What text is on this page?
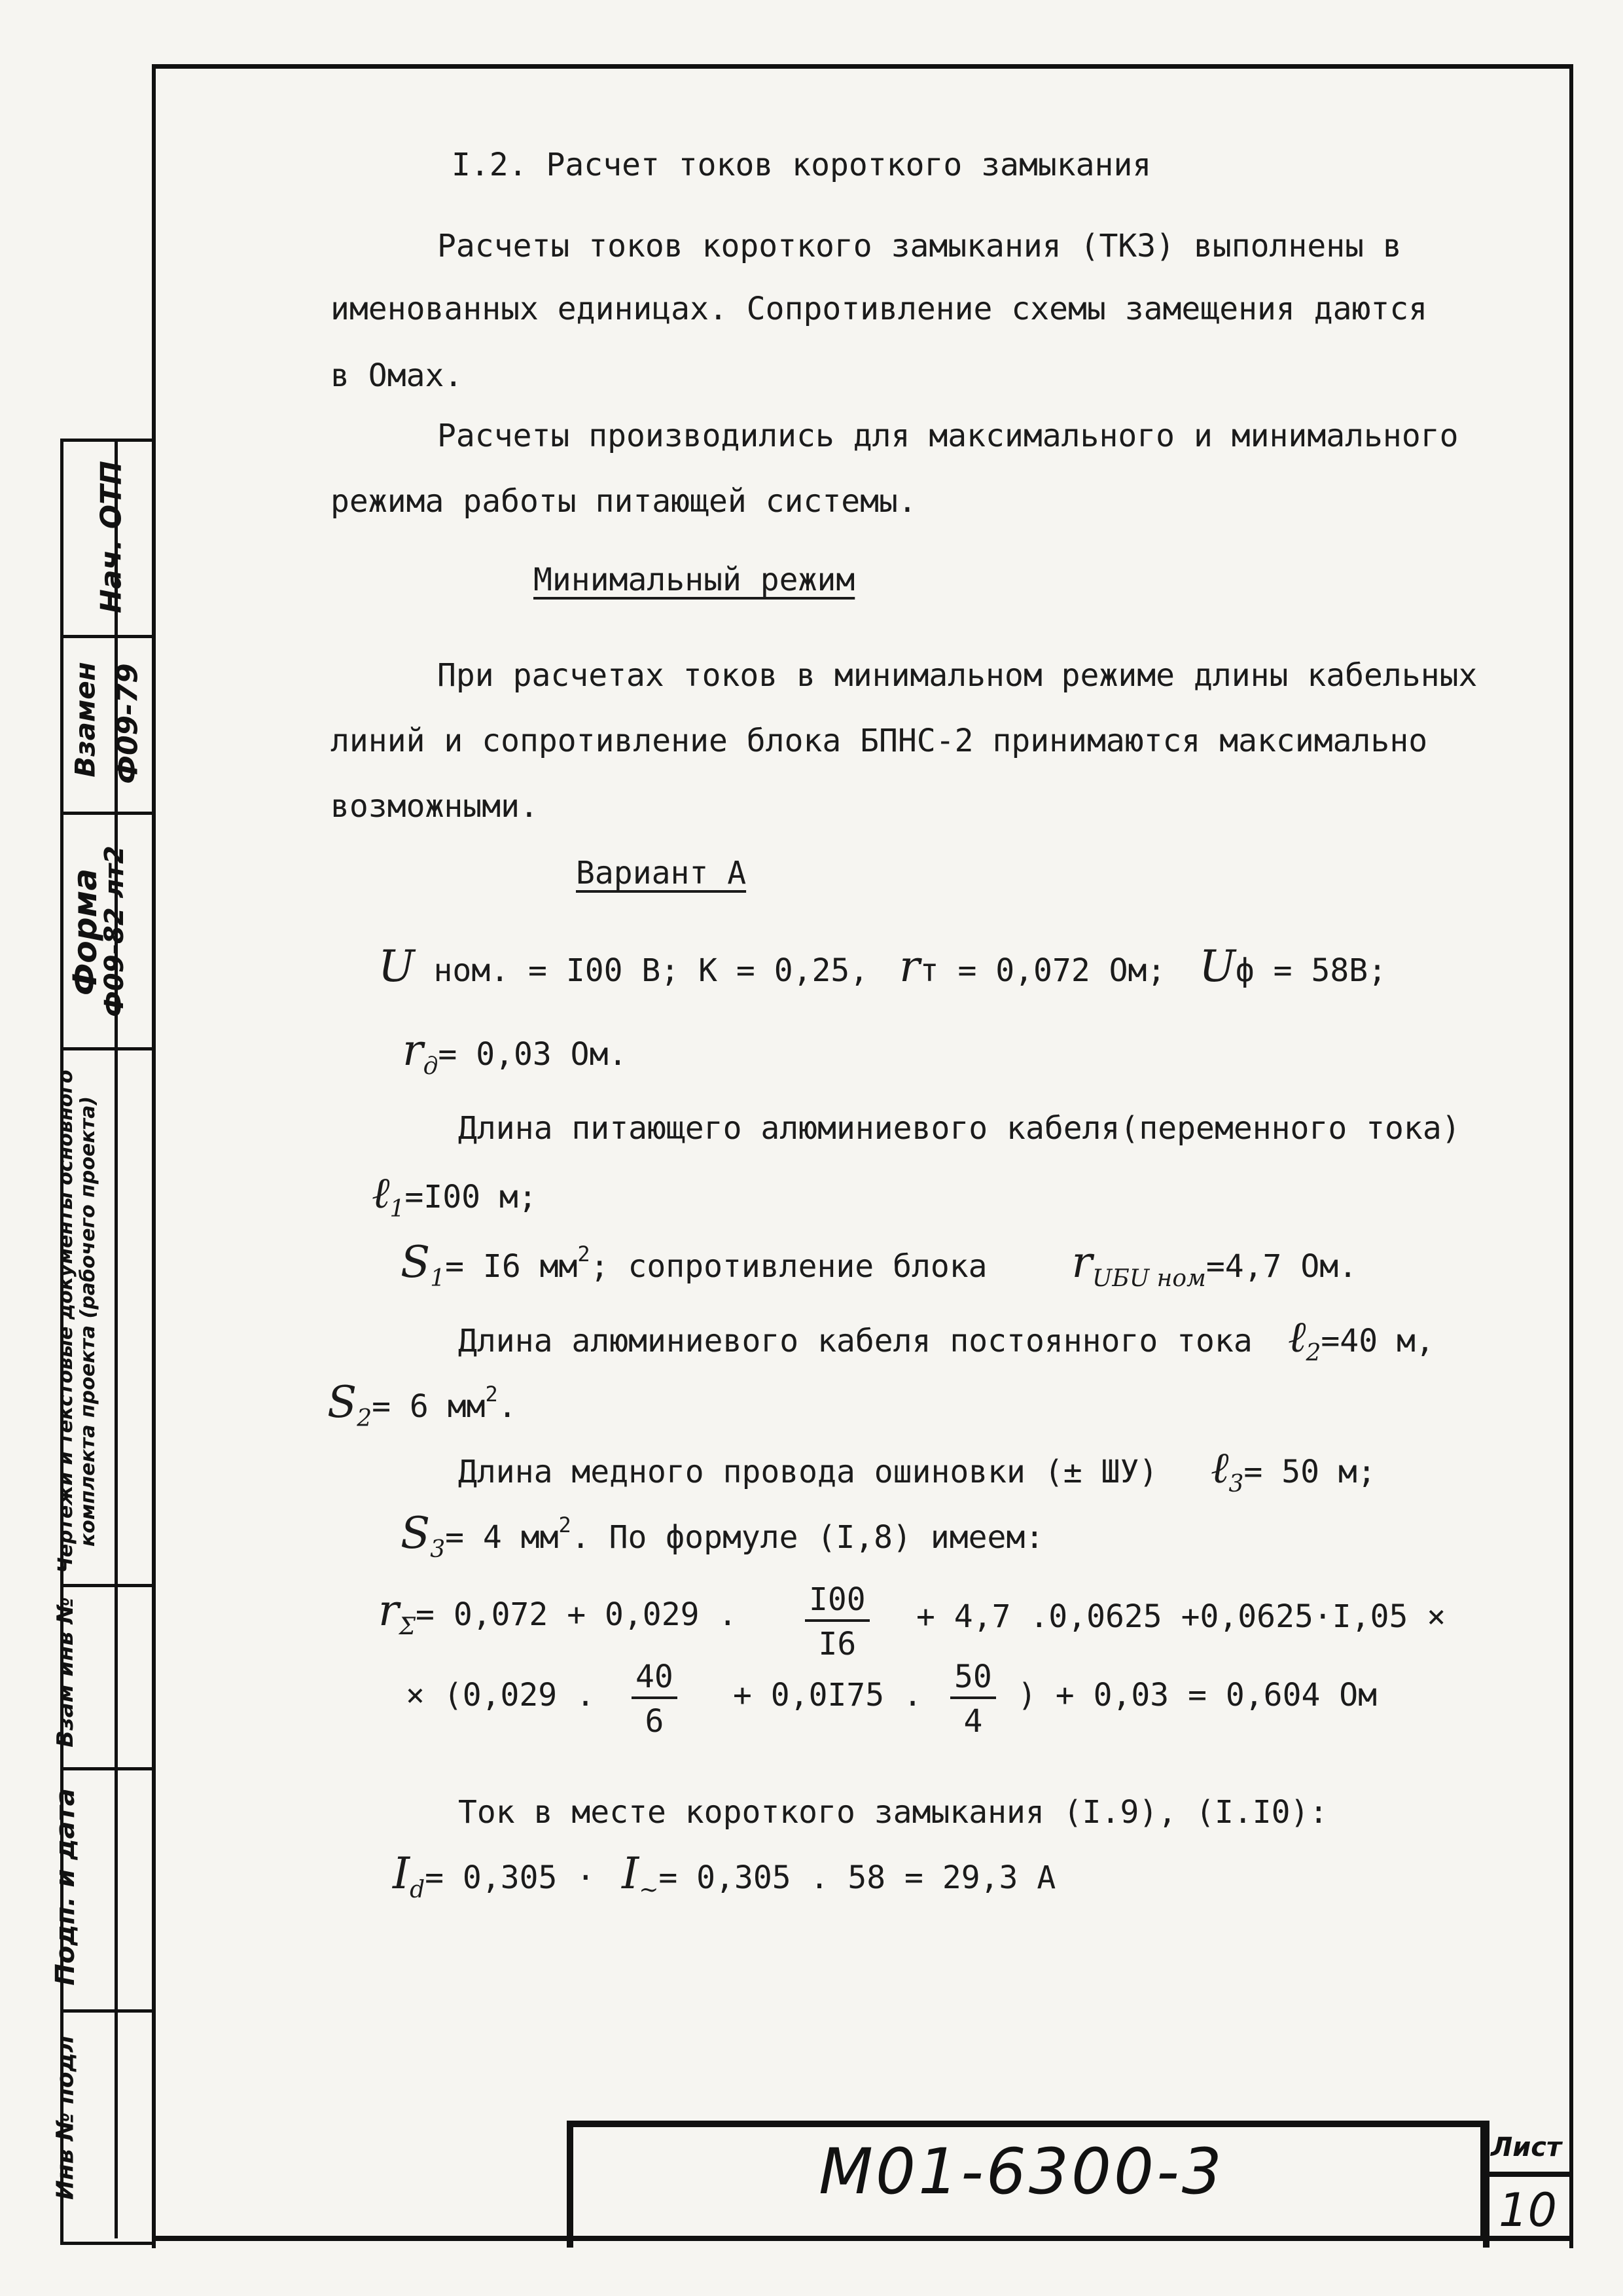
Нач. ОТП
Взамен Ф09-79
Форма
Ф09-82 лт2
Чертежи и текстовые документы основного комплекта проекта (рабочего проекта)
Взам инв №
Подп. и дата
Инв № подл
I.2. Расчет токов короткого замыкания
Расчеты токов короткого замыкания (ТКЗ) выполнены в
именованных единицах. Сопротивление схемы замещения даются
в Омах.
Расчеты производились для максимального и минимального
режима работы питающей системы.
Минимальный режим
При расчетах токов в минимальном режиме длины кабельных
линий и сопротивление блока БПНС-2 принимаются максимально
возможными.
Вариант А
U ном. = I00 В; К = 0,25, rт = 0,072 Ом; Uф = 58В;
$r_д= 0,03$ Ом.
Длина питающего алюминиевого кабеля(переменного тока)
ℓ$_1$=I00 м;
$S_1= I6$ $мм^2$; сопротивление блока $r_{UБU ном}=4,7$ Ом.
Длина алюминиевого кабеля постоянного тока ℓ$_2$=40 м,
$S_2= 6$ $мм^2$.
Длина медного провода ошиновки (± ШУ) ℓ$_3$= 50 м;
$S_3= 4$ $мм^2$. По формуле (I,8) имеем:
$r_\Sigma= 0,072 + 0,029$ . $\frac{I00}{I6} + 4,7$ .0,0625 +0,0625·I,05 ×
× (0,029 . $\frac{40}{6} + 0,0I75$ . $\frac{50}{4}$ ) + 0,03 = 0,604 Ом
Ток в месте короткого замыкания (I.9), (I.I0):
$I_d= 0,305 \cdot I_\sim= 0,305$ . 58 = 29,3 А
М01-6300-3	Лист
10
